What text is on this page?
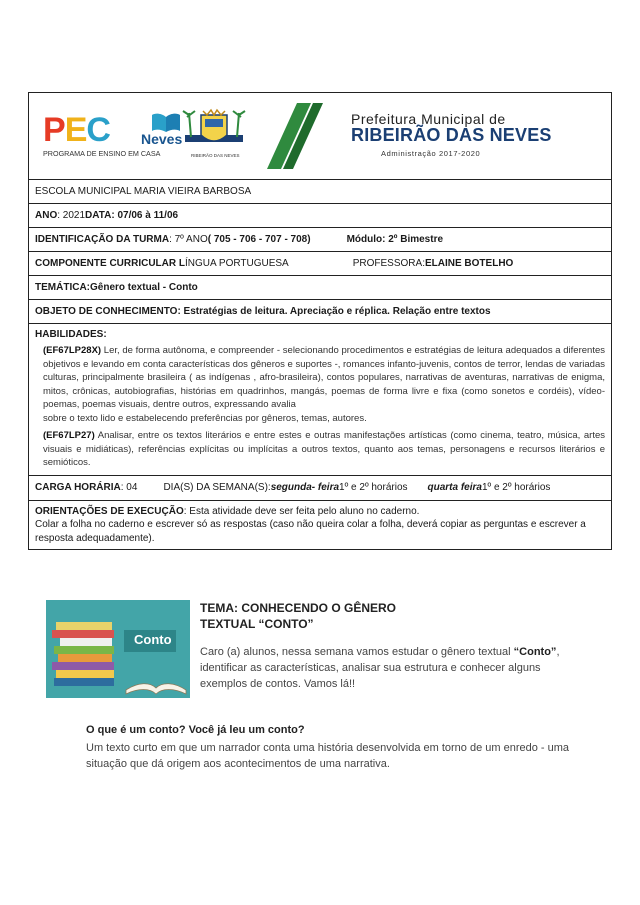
PEC Neves
PROGRAMA DE ENSINO EM CASA	RIBEIRÃO DAS NEVES
Prefeitura Municipal de
RIBEIRÃO DAS NEVES
Administração 2017-2020
ESCOLA MUNICIPAL MARIA VIEIRA BARBOSA
ANO : 2021 DATA : 07/06 à 11/06
IDENTIFICAÇÃO DA TURMA : 7º ANO ( 705 - 706 - 707 - 708)	Módulo: 2º Bimestre
COMPONENTE CURRICULAR L ÍNGUA PORTUGUESA	PROFESSORA: ELAINE BOTELHO
TEMÁTICA: Gênero textual - Conto
OBJETO DE CONHECIMENTO : Estratégias de leitura. Apreciação e réplica. Relação entre textos
HABILIDADES:

(EF67LP28X) Ler, de forma autônoma, e compreender - selecionando procedimentos e estratégias de leitura adequados a diferentes objetivos e levando em conta características dos gêneros e suportes -, romances infanto-juvenis, contos de terror, lendas de variadas culturas, principalmente brasileira ( as indígenas , afro-brasileira), contos populares, narrativas de aventuras, narrativas de enigma, mitos, crônicas, autobiografias, histórias em quadrinhos, mangás, poemas de forma livre e fixa (como sonetos e cordéis), vídeo-poemas, poemas visuais, dentre outros, expressando avalia
sobre o texto lido e estabelecendo preferências por gêneros, temas, autores.

(EF67LP27) Analisar, entre os textos literários e entre estes e outras manifestações artísticas (como cinema, teatro, música, artes visuais e midiáticas), referências explícitas ou implícitas a outros textos, quanto aos temas, personagens e recursos literários e semióticos.

CARGA HORÁRIA : 04	DIA(S) DA SEMANA(S): segunda- feira 1º e 2º horários quarta feira 1º e 2º horários
ORIENTAÇÕES DE EXECUÇÃO: Esta atividade deve ser feita pelo aluno no caderno.
Colar a folha no caderno e escrever só as respostas (caso não queira colar a folha, deverá copiar as perguntas e escrever a resposta adequadamente).
Conto
TEMA: CONHECENDO O GÊNERO
TEXTUAL “CONTO”
Caro (a) alunos, nessa semana vamos estudar o gênero textual “Conto”, identificar as características, analisar sua estrutura e conhecer alguns exemplos de contos. Vamos lá!!
O que é um conto? Você já leu um conto?
Um texto curto em que um narrador conta uma história desenvolvida em torno de um enredo - uma situação que dá origem aos acontecimentos de uma narrativa.
